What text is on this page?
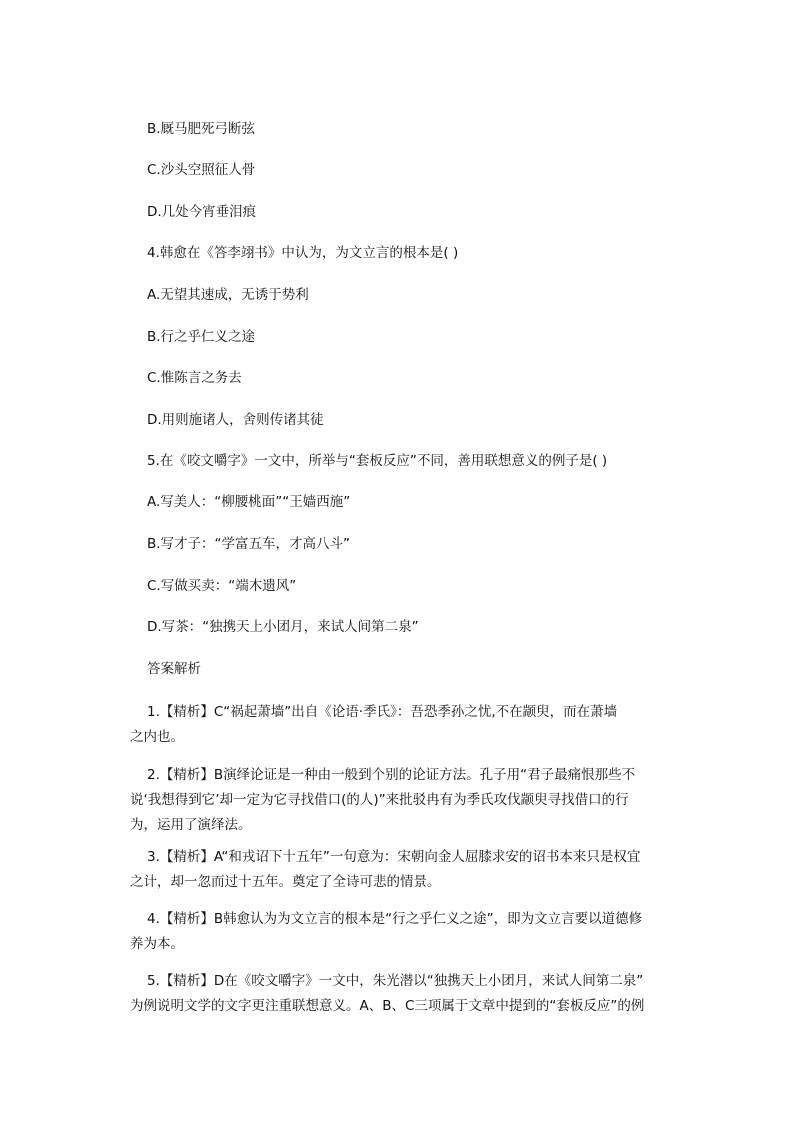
B.厩马肥死弓断弦
C.沙头空照征人骨
D.几处今宵垂泪痕
4.韩愈在《答李翊书》中认为，为文立言的根本是( )
A.无望其速成，无诱于势利
B.行之乎仁义之途
C.惟陈言之务去
D.用则施诸人，舍则传诸其徒
5.在《咬文嚼字》一文中，所举与“套板反应”不同，善用联想意义的例子是( )
A.写美人：“柳腰桃面”“王嫱西施”
B.写才子：“学富五车，才高八斗”
C.写做买卖：“端木遗风”
D.写茶：“独携天上小团月，来试人间第二泉”
答案解析
1.【精析】C“祸起萧墙”出自《论语·季氏》：吾恐季孙之忧,不在颛臾，而在萧墙
之内也。
2.【精析】B演绎论证是一种由一般到个别的论证方法。孔子用“君子最痛恨那些不
说‘我想得到它’却一定为它寻找借口(的人)”来批驳冉有为季氏攻伐颛臾寻找借口的行
为，运用了演绎法。
3.【精析】A“和戎诏下十五年”一句意为：宋朝向金人屈膝求安的诏书本来只是权宜
之计，却一忽而过十五年。奠定了全诗可悲的情景。
4.【精析】B韩愈认为为文立言的根本是“行之乎仁义之途”，即为文立言要以道德修
养为本。
5.【精析】D在《咬文嚼字》一文中，朱光潜以“独携天上小团月，来试人间第二泉”
为例说明文学的文字更注重联想意义。A、B、C三项属于文章中提到的“套板反应”的例
